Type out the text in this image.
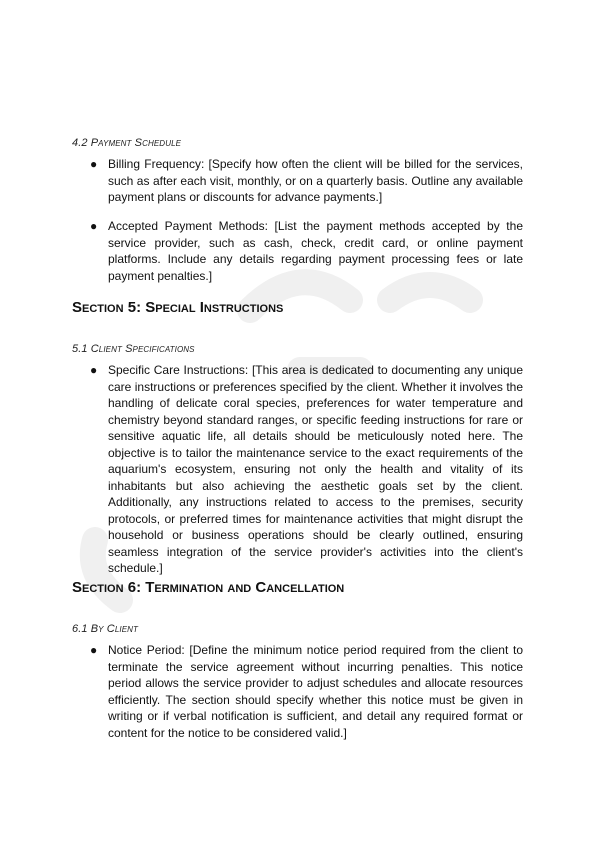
4.2 Payment Schedule
● Billing Frequency: [Specify how often the client will be billed for the services, such as after each visit, monthly, or on a quarterly basis. Outline any available payment plans or discounts for advance payments.]

● Accepted Payment Methods: [List the payment methods accepted by the service provider, such as cash, check, credit card, or online payment platforms. Include any details regarding payment processing fees or late payment penalties.]

Section 5: Special Instructions
5.1 Client Specifications
● Specific Care Instructions: [This area is dedicated to documenting any unique care instructions or preferences specified by the client. Whether it involves the handling of delicate coral species, preferences for water temperature and chemistry beyond standard ranges, or specific feeding instructions for rare or sensitive aquatic life, all details should be meticulously noted here. The objective is to tailor the maintenance service to the exact requirements of the aquarium's ecosystem, ensuring not only the health and vitality of its inhabitants but also achieving the aesthetic goals set by the client. Additionally, any instructions related to access to the premises, security protocols, or preferred times for maintenance activities that might disrupt the household or business operations should be clearly outlined, ensuring seamless integration of the service provider's activities into the client's schedule.]

Section 6: Termination and Cancellation
6.1 By Client
● Notice Period: [Define the minimum notice period required from the client to terminate the service agreement without incurring penalties. This notice period allows the service provider to adjust schedules and allocate resources efficiently. The section should specify whether this notice must be given in writing or if verbal notification is sufficient, and detail any required format or content for the notice to be considered valid.]
